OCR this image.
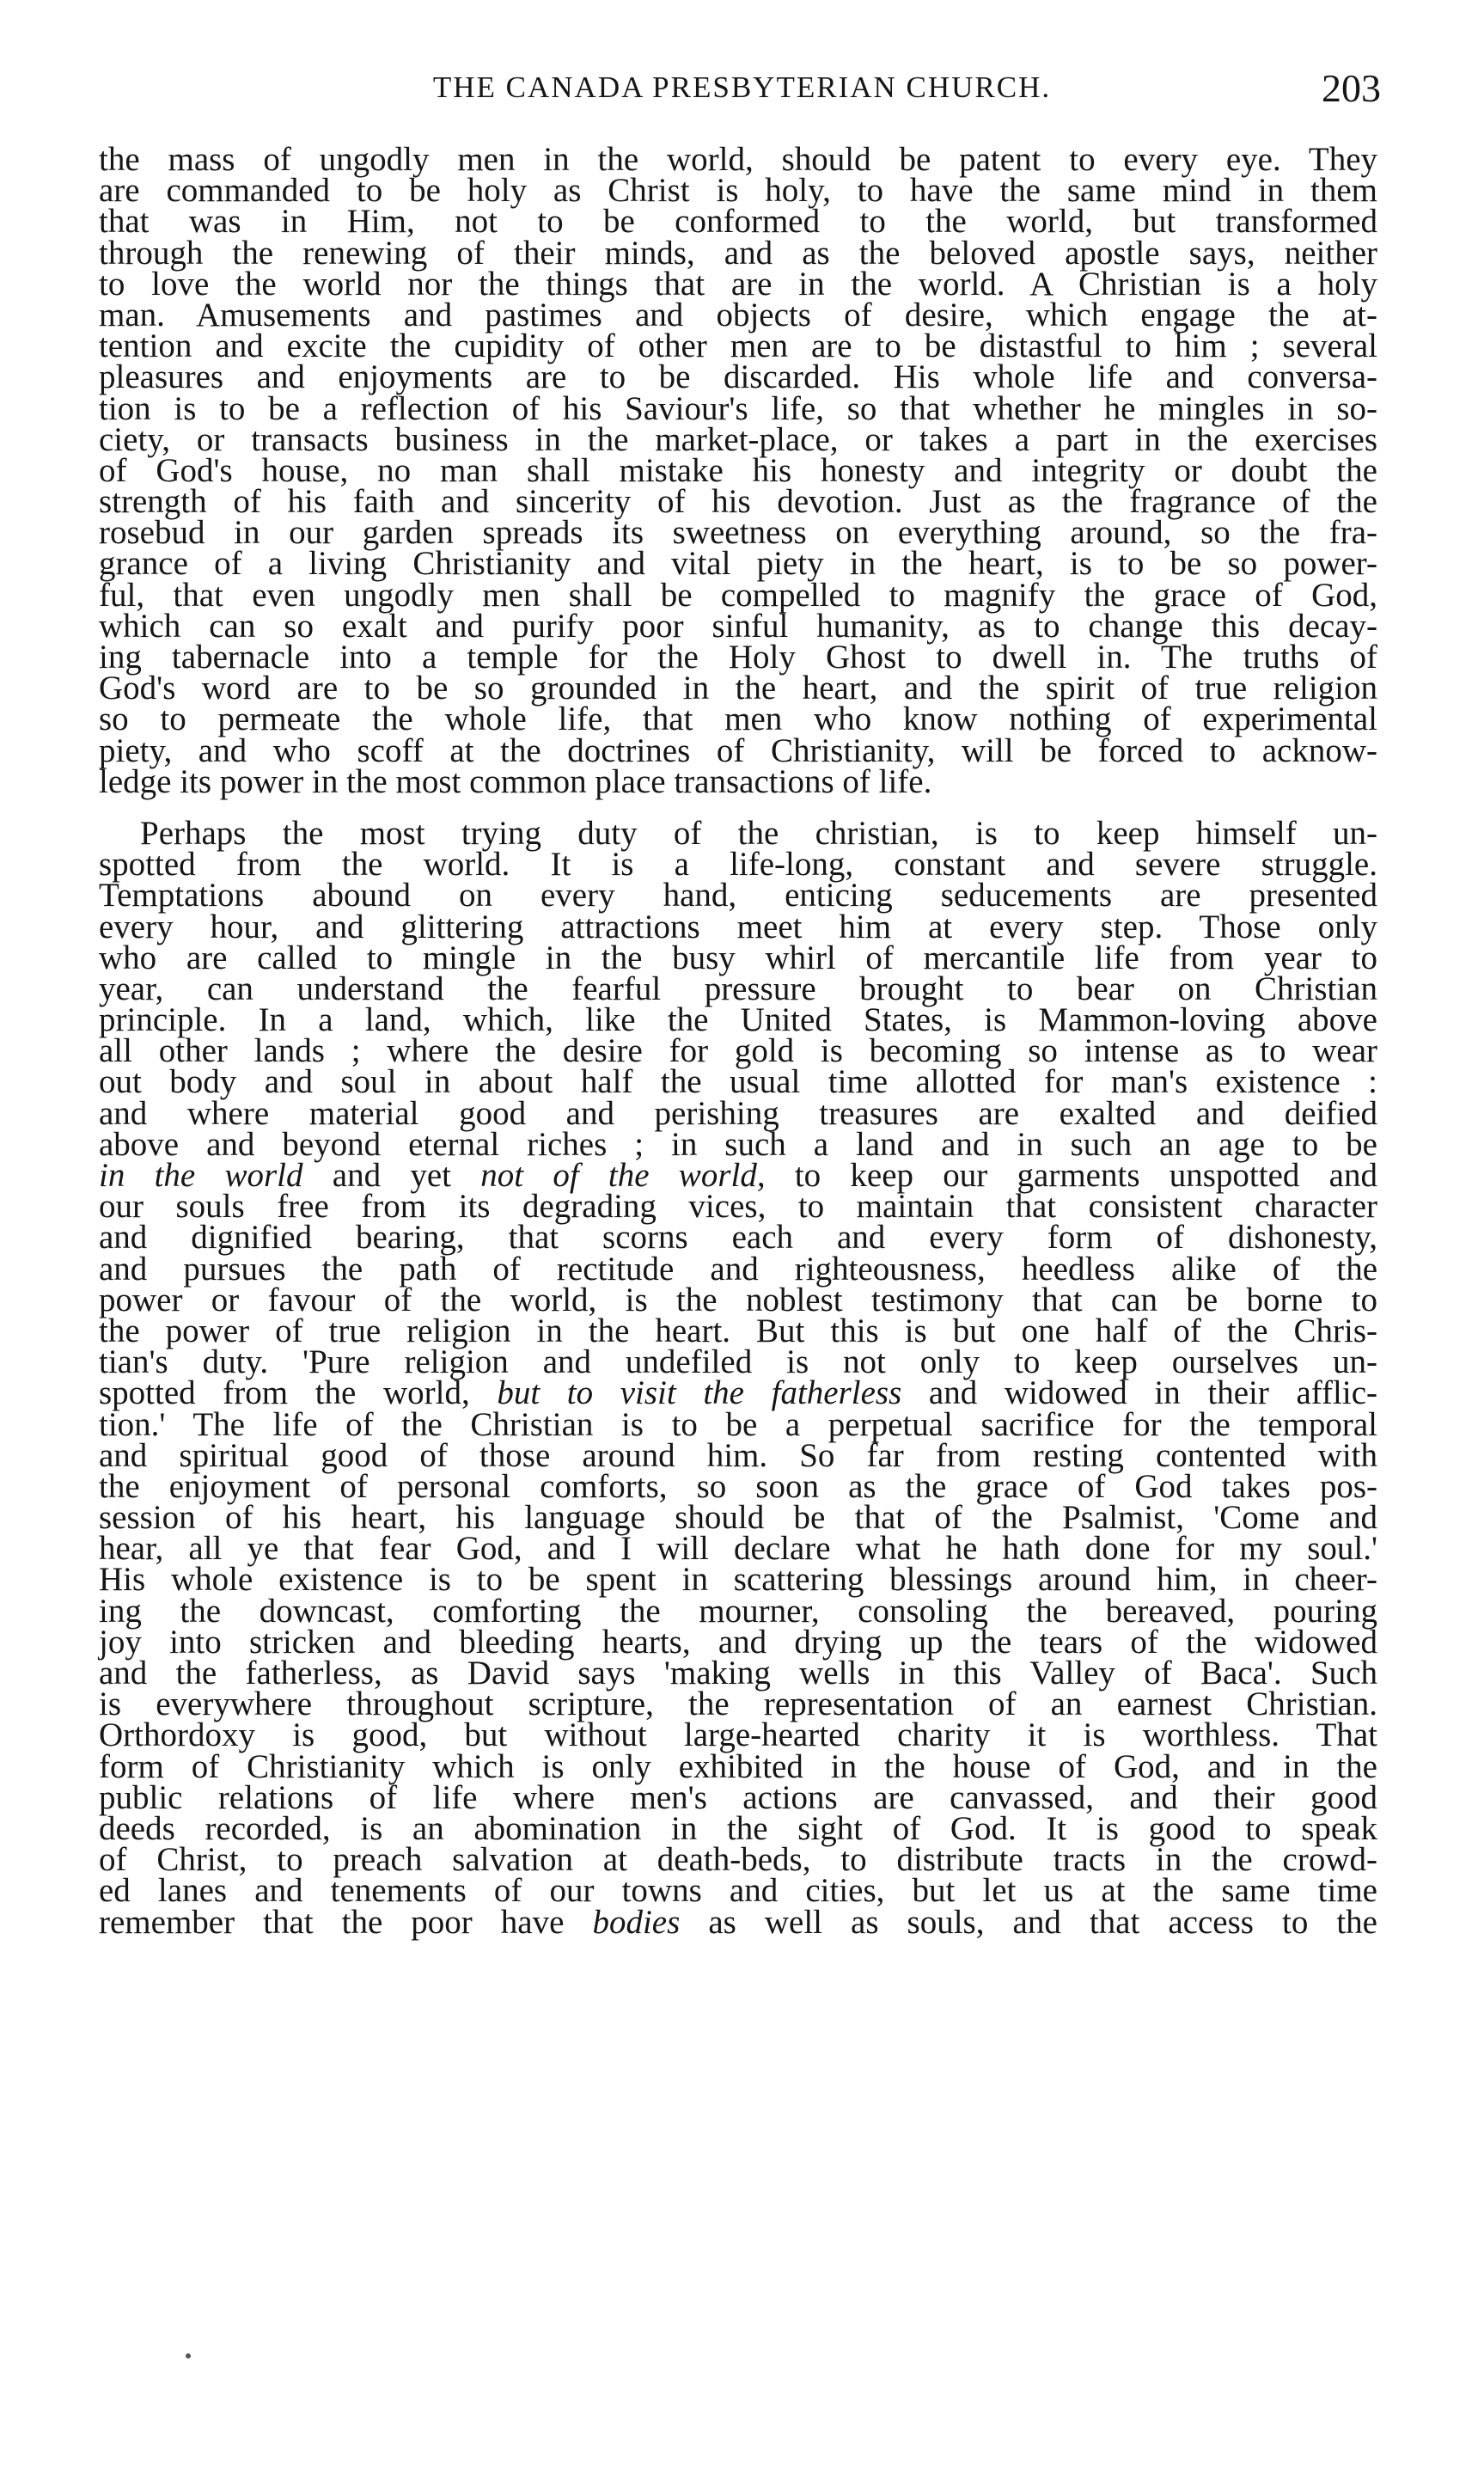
THE CANADA PRESBYTERIAN CHURCH.	203
the mass of ungodly men in the world, should be patent to every eye. They
are commanded to be holy as Christ is holy, to have the same mind in them
that was in Him, not to be conformed to the world, but transformed
through the renewing of their minds, and as the beloved apostle says, neither
to love the world nor the things that are in the world. A Christian is a holy
man. Amusements and pastimes and objects of desire, which engage the at-
tention and excite the cupidity of other men are to be distastful to him ; several
pleasures and enjoyments are to be discarded. His whole life and conversa-
tion is to be a reflection of his Saviour's life, so that whether he mingles in so-
ciety, or transacts business in the market-place, or takes a part in the exercises
of God's house, no man shall mistake his honesty and integrity or doubt the
strength of his faith and sincerity of his devotion. Just as the fragrance of the
rosebud in our garden spreads its sweetness on everything around, so the fra-
grance of a living Christianity and vital piety in the heart, is to be so power-
ful, that even ungodly men shall be compelled to magnify the grace of God,
which can so exalt and purify poor sinful humanity, as to change this decay-
ing tabernacle into a temple for the Holy Ghost to dwell in. The truths of
God's word are to be so grounded in the heart, and the spirit of true religion
so to permeate the whole life, that men who know nothing of experimental
piety, and who scoff at the doctrines of Christianity, will be forced to acknow-
ledge its power in the most common place transactions of life.
Perhaps the most trying duty of the christian, is to keep himself un-
spotted from the world. It is a life-long, constant and severe struggle.
Temptations abound on every hand, enticing seducements are presented
every hour, and glittering attractions meet him at every step. Those only
who are called to mingle in the busy whirl of mercantile life from year to
year, can understand the fearful pressure brought to bear on Christian
principle. In a land, which, like the United States, is Mammon-loving above
all other lands ; where the desire for gold is becoming so intense as to wear
out body and soul in about half the usual time allotted for man's existence :
and where material good and perishing treasures are exalted and deified
above and beyond eternal riches ; in such a land and in such an age to be
in the world and yet not of the world, to keep our garments unspotted and
our souls free from its degrading vices, to maintain that consistent character
and dignified bearing, that scorns each and every form of dishonesty,
and pursues the path of rectitude and righteousness, heedless alike of the
power or favour of the world, is the noblest testimony that can be borne to
the power of true religion in the heart. But this is but one half of the Chris-
tian's duty. 'Pure religion and undefiled is not only to keep ourselves un-
spotted from the world, but to visit the fatherless and widowed in their afflic-
tion.' The life of the Christian is to be a perpetual sacrifice for the temporal
and spiritual good of those around him. So far from resting contented with
the enjoyment of personal comforts, so soon as the grace of God takes pos-
session of his heart, his language should be that of the Psalmist, 'Come and
hear, all ye that fear God, and I will declare what he hath done for my soul.'
His whole existence is to be spent in scattering blessings around him, in cheer-
ing the downcast, comforting the mourner, consoling the bereaved, pouring
joy into stricken and bleeding hearts, and drying up the tears of the widowed
and the fatherless, as David says 'making wells in this Valley of Baca'. Such
is everywhere throughout scripture, the representation of an earnest Christian.
Orthordoxy is good, but without large-hearted charity it is worthless. That
form of Christianity which is only exhibited in the house of God, and in the
public relations of life where men's actions are canvassed, and their good
deeds recorded, is an abomination in the sight of God. It is good to speak
of Christ, to preach salvation at death-beds, to distribute tracts in the crowd-
ed lanes and tenements of our towns and cities, but let us at the same time
remember that the poor have bodies as well as souls, and that access to the
